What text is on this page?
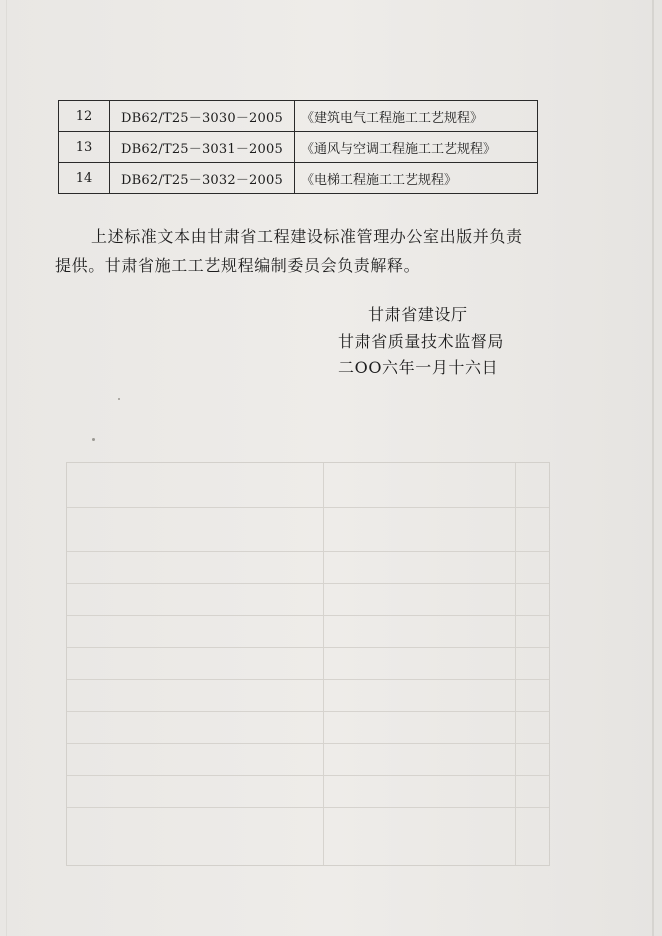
12	DB62/T25－3030－2005	《建筑电气工程施工工艺规程》
13	DB62/T25－3031－2005	《通风与空调工程施工工艺规程》
14	DB62/T25－3032－2005	《电梯工程施工工艺规程》

上述标准文本由甘肃省工程建设标准管理办公室出版并负责

提供。甘肃省施工工艺规程编制委员会负责解释。

甘肃省建设厅
甘肃省质量技术监督局
二OO六年一月十六日
